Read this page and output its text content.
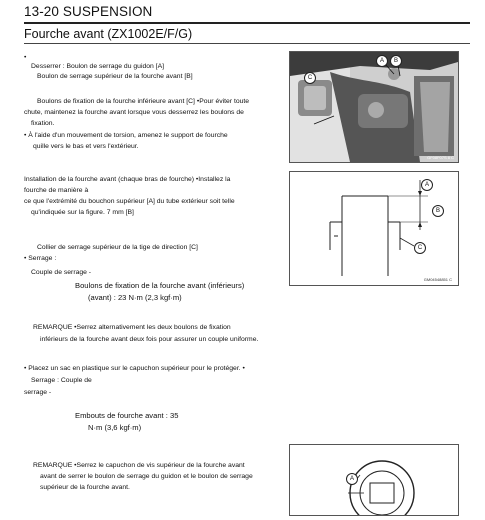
13-20 SUSPENSION
Fourche avant (ZX1002E/F/G)
•
Desserrer : Boulon de serrage du guidon [A]
Boulon de serrage supérieur de la fourche avant [B]
Boulons de fixation de la fourche inférieure avant [C] •Pour éviter toute
chute, maintenez la fourche avant lorsque vous desserrez les boulons de
fixation.
• À l'aide d'un mouvement de torsion, amenez le support de fourche
quille vers le bas et vers l'extérieur.
A	B
C
GF08F07S 8 C
Installation de la fourche avant (chaque bras de fourche) •Installez la
fourche de manière à
ce que l'extrémité du bouchon supérieur [A] du tube extérieur soit telle
qu'indiquée sur la figure. 7 mm [B]
A
B
C
GM04548851 C
Collier de serrage supérieur de la tige de direction [C]
• Serrage :
Couple de serrage -
Boulons de fixation de la fourche avant (inférieurs)
(avant) : 23 N·m (2,3 kgf·m)
REMARQUE •Serrez alternativement les deux boulons de fixation
inférieurs de la fourche avant deux fois pour assurer un couple uniforme.
• Placez un sac en plastique sur le capuchon supérieur pour le protéger. •
Serrage : Couple de
serrage -
Embouts de fourche avant : 35
N·m (3,6 kgf·m)
REMARQUE •Serrez le capuchon de vis supérieur de la fourche avant
avant de serrer le boulon de serrage du guidon et le boulon de serrage
supérieur de la fourche avant.
A
